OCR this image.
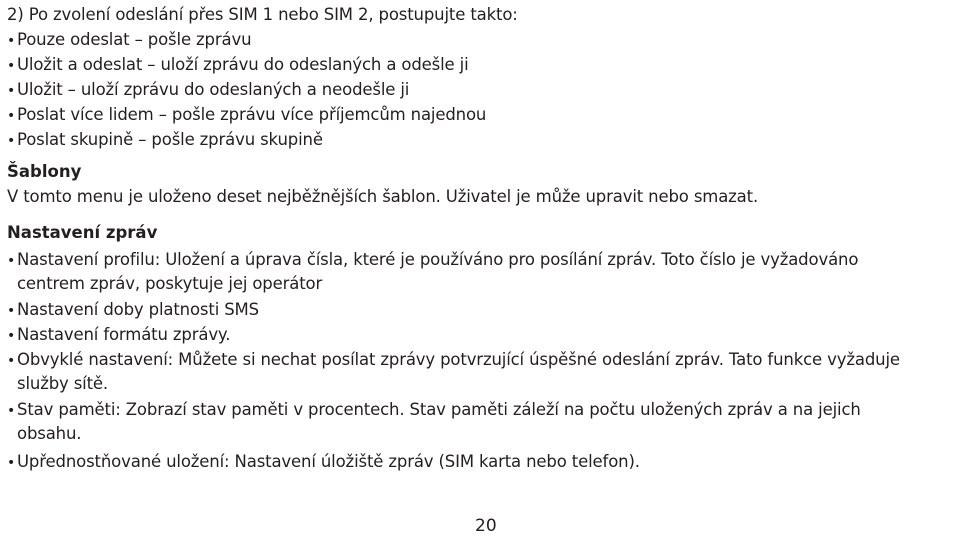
2) Po zvolení odeslání přes SIM 1 nebo SIM 2, postupujte takto:
• Pouze odeslat – pošle zprávu
• Uložit a odeslat – uloží zprávu do odeslaných a odešle ji
• Uložit – uloží zprávu do odeslaných a neodešle ji
• Poslat více lidem – pošle zprávu více příjemcům najednou
• Poslat skupině – pošle zprávu skupině
Šablony
V tomto menu je uloženo deset nejběžnějších šablon. Uživatel je může upravit nebo smazat.
Nastavení zpráv
• Nastavení profilu: Uložení a úprava čísla, které je používáno pro posílání zpráv. Toto číslo je vyžadováno
centrem zpráv, poskytuje jej operátor
• Nastavení doby platnosti SMS
• Nastavení formátu zprávy.
• Obvyklé nastavení: Můžete si nechat posílat zprávy potvrzující úspěšné odeslání zpráv. Tato funkce vyžaduje
služby sítě.
• Stav paměti: Zobrazí stav paměti v procentech. Stav paměti záleží na počtu uložených zpráv a na jejich
obsahu.
• Upřednostňované uložení: Nastavení úložiště zpráv (SIM karta nebo telefon).
20
